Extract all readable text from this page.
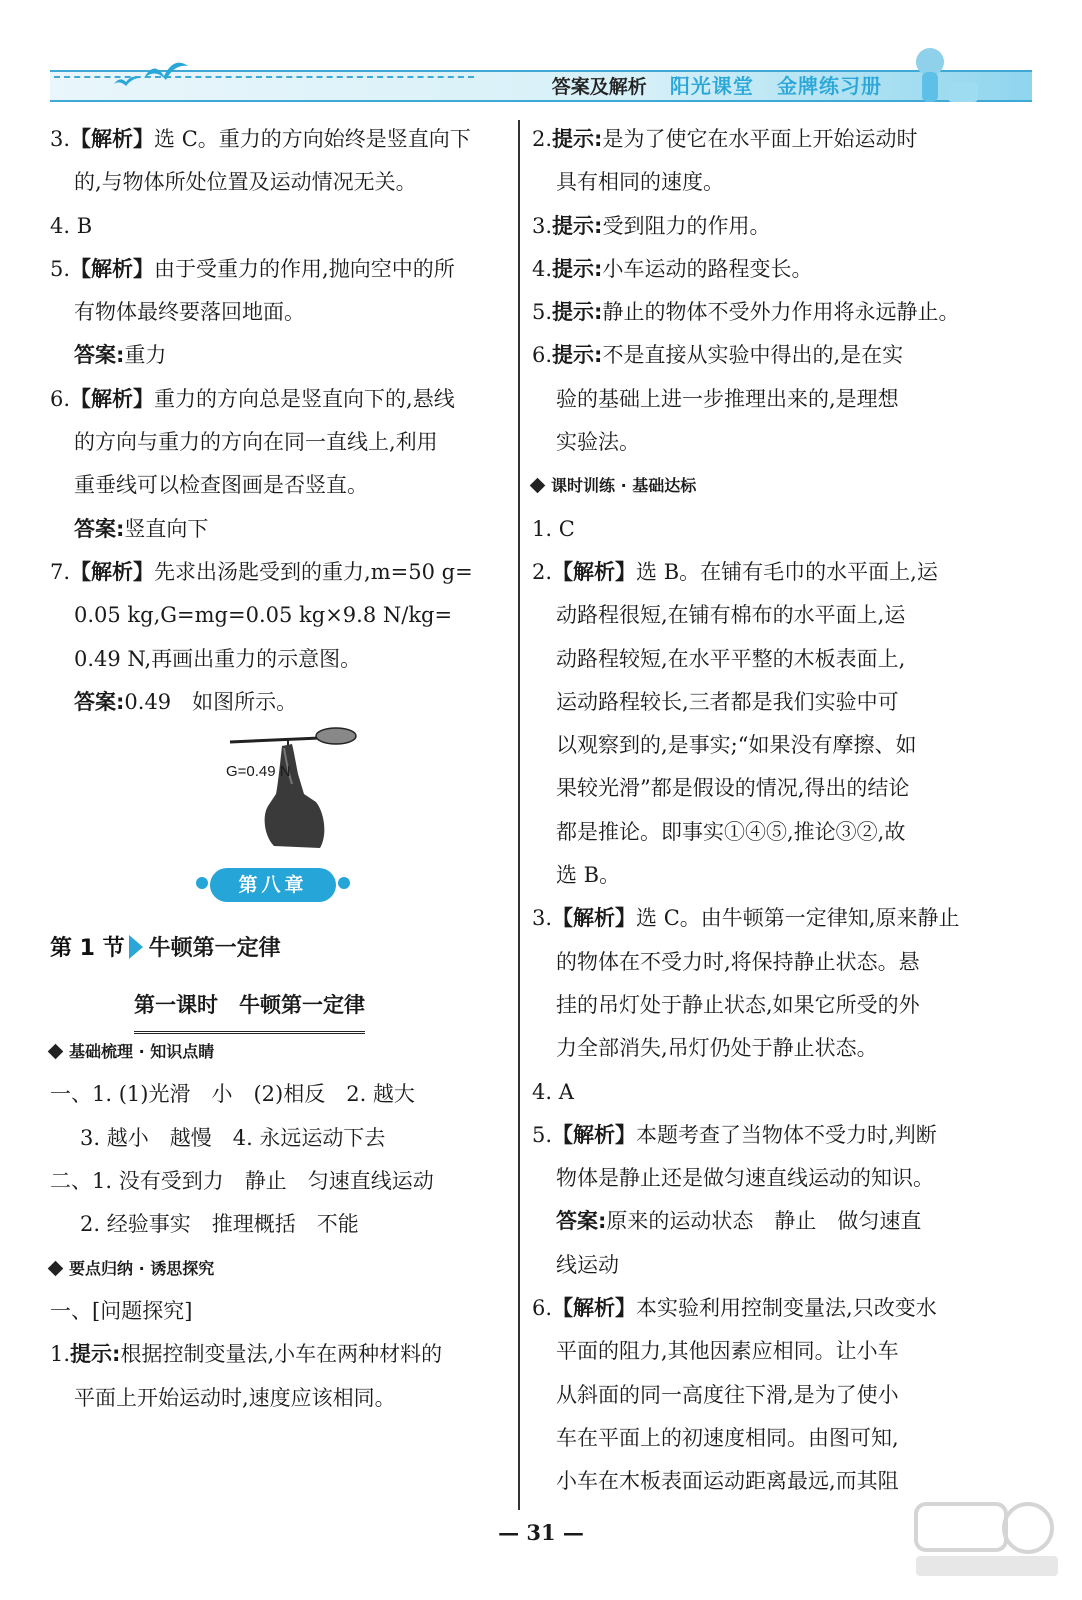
答案及解析 阳光课堂 金牌练习册
3.【解析】选 C。重力的方向始终是竖直向下
的,与物体所处位置及运动情况无关。
4. B
5.【解析】由于受重力的作用,抛向空中的所
有物体最终要落回地面。
答案:重力
6.【解析】重力的方向总是竖直向下的,悬线
的方向与重力的方向在同一直线上,利用
重垂线可以检查图画是否竖直。
答案:竖直向下
7.【解析】先求出汤匙受到的重力,m=50 g=
0.05 kg,G=mg=0.05 kg×9.8 N/kg=
0.49 N,再画出重力的示意图。
答案:0.49　如图所示。
G=0.49 N
第八章
第 1 节 牛顿第一定律
第一课时　牛顿第一定律
基础梳理 · 知识点睛
一、1. (1)光滑　小　(2)相反　2. 越大
3. 越小　越慢　4. 永远运动下去
二、1. 没有受到力　静止　匀速直线运动
2. 经验事实　推理概括　不能
要点归纳 · 诱思探究
一、[问题探究]
1.提示:根据控制变量法,小车在两种材料的
平面上开始运动时,速度应该相同。
2.提示:是为了使它在水平面上开始运动时
具有相同的速度。
3.提示:受到阻力的作用。
4.提示:小车运动的路程变长。
5.提示:静止的物体不受外力作用将永远静止。
6.提示:不是直接从实验中得出的,是在实
验的基础上进一步推理出来的,是理想
实验法。
课时训练 · 基础达标
1. C
2.【解析】选 B。在铺有毛巾的水平面上,运
动路程很短,在铺有棉布的水平面上,运
动路程较短,在水平平整的木板表面上,
运动路程较长,三者都是我们实验中可
以观察到的,是事实;“如果没有摩擦、如
果较光滑”都是假设的情况,得出的结论
都是推论。即事实①④⑤,推论③②,故
选 B。
3.【解析】选 C。由牛顿第一定律知,原来静止
的物体在不受力时,将保持静止状态。悬
挂的吊灯处于静止状态,如果它所受的外
力全部消失,吊灯仍处于静止状态。
4. A
5.【解析】本题考查了当物体不受力时,判断
物体是静止还是做匀速直线运动的知识。
答案:原来的运动状态　静止　做匀速直
线运动
6.【解析】本实验利用控制变量法,只改变水
平面的阻力,其他因素应相同。让小车
从斜面的同一高度往下滑,是为了使小
车在平面上的初速度相同。由图可知,
小车在木板表面运动距离最远,而其阻
— 31 —
